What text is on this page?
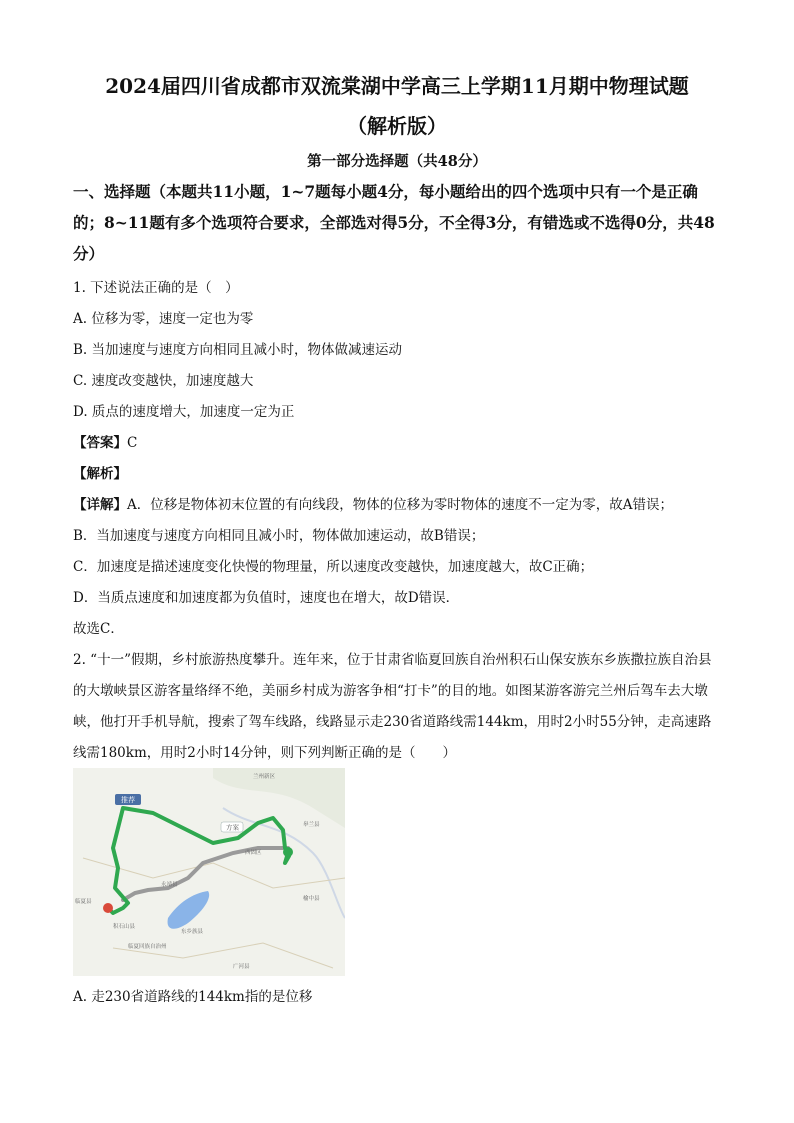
2024届四川省成都市双流棠湖中学高三上学期11月期中物理试题
（解析版）
第一部分选择题（共48分）
一、选择题（本题共11小题，1~7题每小题4分，每小题给出的四个选项中只有一个是正确的；8~11题有多个选项符合要求，全部选对得5分，不全得3分，有错选或不选得0分，共48分）
1. 下述说法正确的是（　）
A. 位移为零，速度一定也为零
B. 当加速度与速度方向相同且减小时，物体做减速运动
C. 速度改变越快，加速度越大
D. 质点的速度增大，加速度一定为正
【答案】C
【解析】
【详解】A．位移是物体初末位置的有向线段，物体的位移为零时物体的速度不一定为零，故A错误；
B．当加速度与速度方向相同且减小时，物体做加速运动，故B错误；
C．加速度是描述速度变化快慢的物理量，所以速度改变越快，加速度越大，故C正确；
D．当质点速度和加速度都为负值时，速度也在增大，故D错误．
故选C．
2. “十一”假期，乡村旅游热度攀升。连年来，位于甘肃省临夏回族自治州积石山保安族东乡族撒拉族自治县的大墩峡景区游客量络绎不绝，美丽乡村成为游客争相“打卡”的目的地。如图某游客游完兰州后驾车去大墩峡，他打开手机导航，搜索了驾车线路，线路显示走230省道路线需144km，用时2小时55分钟，走高速路线需180km，用时2小时14分钟，则下列判断正确的是（　　）
推荐
方案
永靖县
积石山县
临夏回族自治州
东乡族县
西固区
广河县
榆中县
皋兰县
兰州新区
临夏县
A. 走230省道路线的144km指的是位移
